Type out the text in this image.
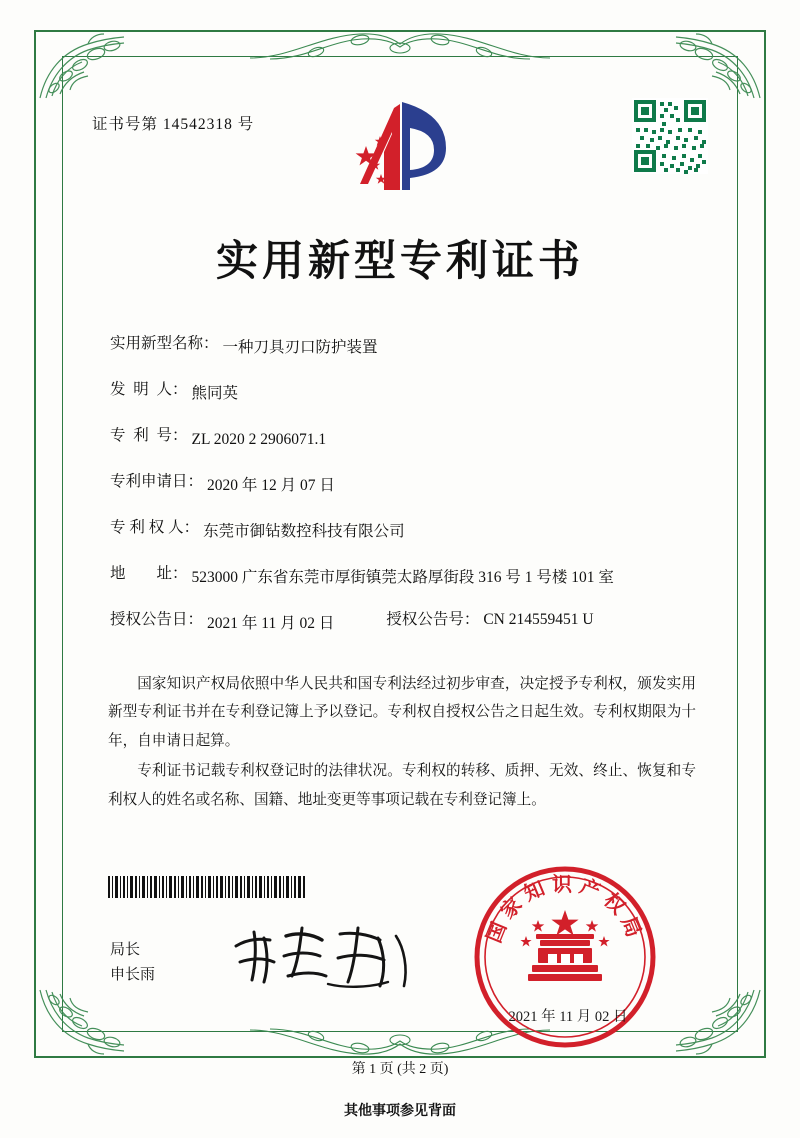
证书号第 14542318 号
实用新型专利证书
实用新型名称： 一种刀具刃口防护装置
发  明  人： 熊同英
专  利  号： ZL 2020 2 2906071.1
专利申请日： 2020 年 12 月 07 日
专 利 权 人： 东莞市御钻数控科技有限公司
地        址： 523000 广东省东莞市厚街镇莞太路厚街段 316 号 1 号楼 101 室
授权公告日： 2021 年 11 月 02 日	授权公告号： CN 214559451 U

国家知识产权局依照中华人民共和国专利法经过初步审查，决定授予专利权，颁发实用新型专利证书并在专利登记簿上予以登记。专利权自授权公告之日起生效。专利权期限为十年，自申请日起算。

专利证书记载专利权登记时的法律状况。专利权的转移、质押、无效、终止、恢复和专利权人的姓名或名称、国籍、地址变更等事项记载在专利登记簿上。

局长
申长雨
国家知识产权局
2021 年 11 月 02 日
第 1 页 (共 2 页)
其他事项参见背面
